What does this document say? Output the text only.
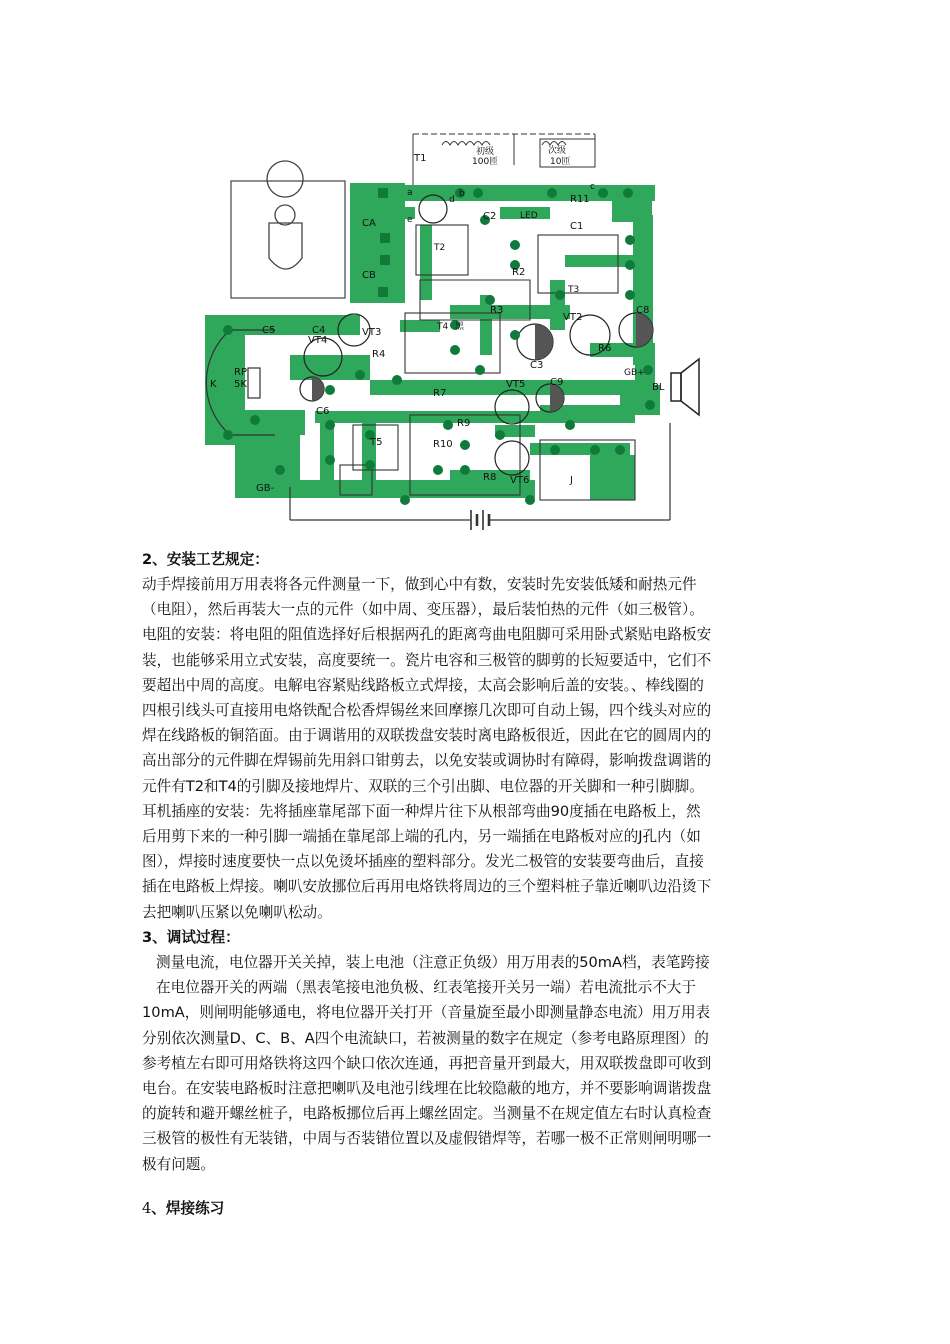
T1
初级
100匝
次级
10匝
R11
LED
C1
C2
CA
CB
T2
T3
T4 黑
R2
R3	C8
VT2
C3
R6
GB+
BL
C5	C4	VT3
VT4
R4
RP
5K
K
C6
R7
VT5 C9
R9
R10
T5
R8 VT6	J
GB-
a	b
c
d
e
2、安装工艺规定：
动手焊接前用万用表将各元件测量一下，做到心中有数，安装时先安装低矮和耐热元件
（电阻），然后再装大一点的元件（如中周、变压器），最后装怕热的元件（如三极管）。
电阻的安装：将电阻的阻值选择好后根据两孔的距离弯曲电阻脚可采用卧式紧贴电路板安
装，也能够采用立式安装，高度要统一。瓷片电容和三极管的脚剪的长短要适中，它们不
要超出中周的高度。电解电容紧贴线路板立式焊接，太高会影响后盖的安装。、棒线圈的
四根引线头可直接用电烙铁配合松香焊锡丝来回摩擦几次即可自动上锡，四个线头对应的
焊在线路板的铜箔面。由于调谐用的双联拨盘安装时离电路板很近，因此在它的圆周内的
高出部分的元件脚在焊锡前先用斜口钳剪去，以免安装或调协时有障碍，影响拨盘调谐的
元件有T2和T4的引脚及接地焊片、双联的三个引出脚、电位器的开关脚和一种引脚脚。
耳机插座的安装：先将插座靠尾部下面一种焊片往下从根部弯曲90度插在电路板上，然
后用剪下来的一种引脚一端插在靠尾部上端的孔内，另一端插在电路板对应的J孔内（如
图），焊接时速度要快一点以免烫坏插座的塑料部分。发光二极管的安装要弯曲后，直接
插在电路板上焊接。喇叭安放挪位后再用电烙铁将周边的三个塑料桩子靠近喇叭边沿烫下
去把喇叭压紧以免喇叭松动。
3、调试过程：
测量电流，电位器开关关掉，装上电池（注意正负级）用万用表的50mA档，表笔跨接
在电位器开关的两端（黑表笔接电池负极、红表笔接开关另一端）若电流批示不大于
10mA，则闸明能够通电，将电位器开关打开（音量旋至最小即测量静态电流）用万用表
分别依次测量D、C、B、A四个电流缺口，若被测量的数字在规定（参考电路原理图）的
参考植左右即可用烙铁将这四个缺口依次连通，再把音量开到最大，用双联拨盘即可收到
电台。在安装电路板时注意把喇叭及电池引线埋在比较隐蔽的地方，并不要影响调谐拨盘
的旋转和避开螺丝桩子，电路板挪位后再上螺丝固定。当测量不在规定值左右时认真检查
三极管的极性有无装错，中周与否装错位置以及虚假错焊等，若哪一极不正常则闸明哪一
极有问题。
4、焊接练习
